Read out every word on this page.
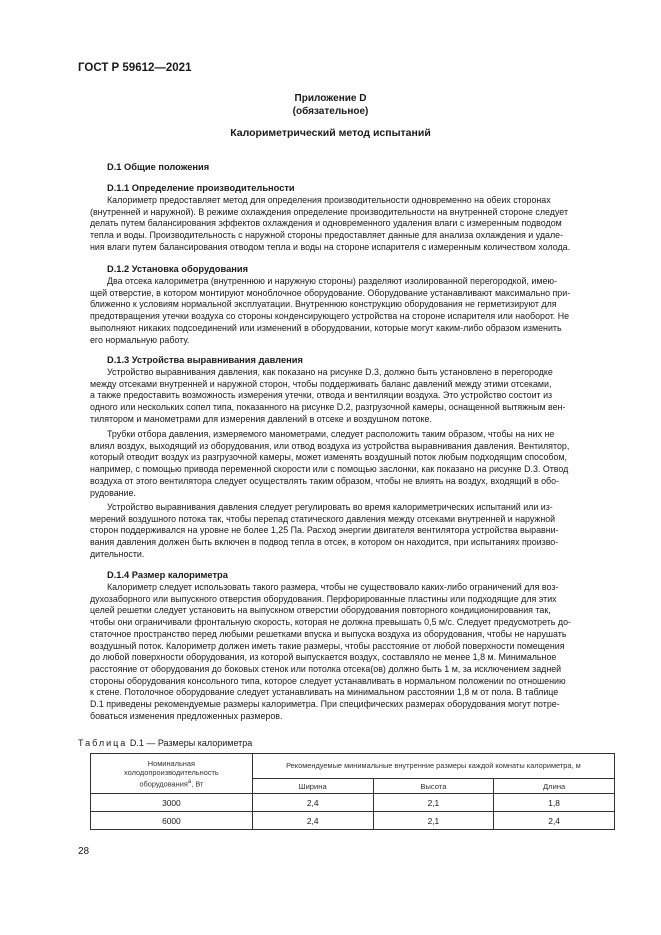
ГОСТ Р 59612—2021
Приложение D
(обязательное)
Калориметрический метод испытаний
D.1 Общие положения
D.1.1 Определение производительности
Калориметр предоставляет метод для определения производительности одновременно на обеих сторонах
(внутренней и наружной). В режиме охлаждения определение производительности на внутренней стороне следует
делать путем балансирования эффектов охлаждения и одновременного удаления влаги с измеренным подводом
тепла и воды. Производительность с наружной стороны предоставляет данные для анализа охлаждения и удале-
ния влаги путем балансирования отводом тепла и воды на стороне испарителя с измеренным количеством холода.
D.1.2 Установка оборудования
Два отсека калориметра (внутреннюю и наружную стороны) разделяют изолированной перегородкой, имею-
щей отверстие, в котором монтируют моноблочное оборудование. Оборудование устанавливают максимально при-
ближенно к условиям нормальной эксплуатации. Внутреннюю конструкцию оборудования не герметизируют для
предотвращения утечки воздуха со стороны конденсирующего устройства на стороне испарителя или наоборот. Не
выполняют никаких подсоединений или изменений в оборудовании, которые могут каким-либо образом изменить
его нормальную работу.
D.1.3 Устройства выравнивания давления
Устройство выравнивания давления, как показано на рисунке D.3, должно быть установлено в перегородке
между отсеками внутренней и наружной сторон, чтобы поддерживать баланс давлений между этими отсеками,
а также предоставить возможность измерения утечки, отвода и вентиляции воздуха. Это устройство состоит из
одного или нескольких сопел типа, показанного на рисунке D.2, разгрузочной камеры, оснащенной вытяжным вен-
тилятором и манометрами для измерения давлений в отсеке и воздушном потоке.
Трубки отбора давления, измеряемого манометрами, следует расположить таким образом, чтобы на них не
влиял воздух, выходящий из оборудования, или отвод воздуха из устройства выравнивания давления. Вентилятор,
который отводит воздух из разгрузочной камеры, может изменять воздушный поток любым подходящим способом,
например, с помощью привода переменной скорости или с помощью заслонки, как показано на рисунке D.3. Отвод
воздуха от этого вентилятора следует осуществлять таким образом, чтобы не влиять на воздух, входящий в обо-
рудование.
Устройство выравнивания давления следует регулировать во время калориметрических испытаний или из-
мерений воздушного потока так, чтобы перепад статического давления между отсеками внутренней и наружной
сторон поддерживался на уровне не более 1,25 Па. Расход энергии двигателя вентилятора устройства выравни-
вания давления должен быть включен в подвод тепла в отсек, в котором он находится, при испытаниях произво-
дительности.
D.1.4 Размер калориметра
Калориметр следует использовать такого размера, чтобы не существовало каких-либо ограничений для воз-
духозаборного или выпускного отверстия оборудования. Перфорированные пластины или подходящие для этих
целей решетки следует установить на выпускном отверстии оборудования повторного кондиционирования так,
чтобы они ограничивали фронтальную скорость, которая не должна превышать 0,5 м/с. Следует предусмотреть до-
статочное пространство перед любыми решетками впуска и выпуска воздуха из оборудования, чтобы не нарушать
воздушный поток. Калориметр должен иметь такие размеры, чтобы расстояние от любой поверхности помещения
до любой поверхности оборудования, из которой выпускается воздух, составляло не менее 1,8 м. Минимальное
расстояние от оборудования до боковых стенок или потолка отсека(ов) должно быть 1 м, за исключением задней
стороны оборудования консольного типа, которое следует устанавливать в нормальном положении по отношению
к стене. Потолочное оборудование следует устанавливать на минимальном расстоянии 1,8 м от пола. В таблице
D.1 приведены рекомендуемые размеры калориметра. При специфических размерах оборудования могут потре-
боваться изменения предложенных размеров.
Таблица D.1 — Размеры калориметра
Номинальная
холодопроизводительность
оборудования$^а$, Вт	Рекомендуемые минимальные внутренние размеры каждой комнаты калориметра, м		
	Ширина	Высота	Длина
3000	2,4	2,1	1,8
6000	2,4	2,1	2,4
28
